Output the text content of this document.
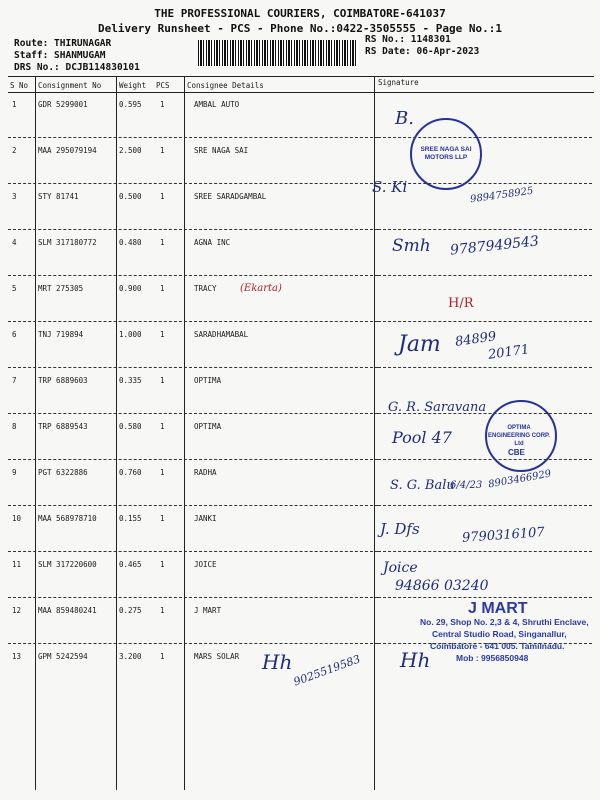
THE PROFESSIONAL COURIERS, COIMBATORE-641037
Delivery Runsheet - PCS - Phone No.:0422-3505555 - Page No.:1
Route: THIRUNAGAR
Staff: SHANMUGAM
DRS No.: DCJB114830101
RS No.: 1148301
RS Date: 06-Apr-2023
S No Consignment No Weight PCS Consignee Details	Signature
1	GDR 5299001	0.595 1	AMBAL AUTO
2	MAA 295079194	2.500 1	SRE NAGA SAI
3	STY 81741	0.500 1	SREE SARADGAMBAL
4	SLM 317180772	0.480 1	AGNA INC
5	MRT 275305	0.900 1	TRACY
6	TNJ 719894	1.000 1	SARADHAMABAL
7	TRP 6889603	0.335 1	OPTIMA
8	TRP 6889543	0.580 1	OPTIMA
9	PGT 6322886	0.760 1	RADHA
10 MAA 568978710	0.155 1	JANKI
11 SLM 317220600	0.465 1	JOICE
12 MAA 859480241	0.275 1	J MART
13 GPM 5242594	3.200 1	MARS SOLAR
B.
SREE NAGA SAI MOTORS LLP
S. Ki	9894758925
Smh 9787949543
(Ekarta)
H/R
Jam 84899
20171
G. R. Saravana
OPTIMA ENGINEERING CORP. Ltd
CBE
Pool 47
S. G. Balu
6/4/23 8903466929
J. Dfs	9790316107
Joice
94866 03240
J MART
No. 29, Shop No. 2,3 & 4, Shruthi Enclave,
Central Studio Road, Singanallur,
Coimbatore - 641 005. Tamilnadu.
Mob : 9956850948
Hh 9025519583 Hh
